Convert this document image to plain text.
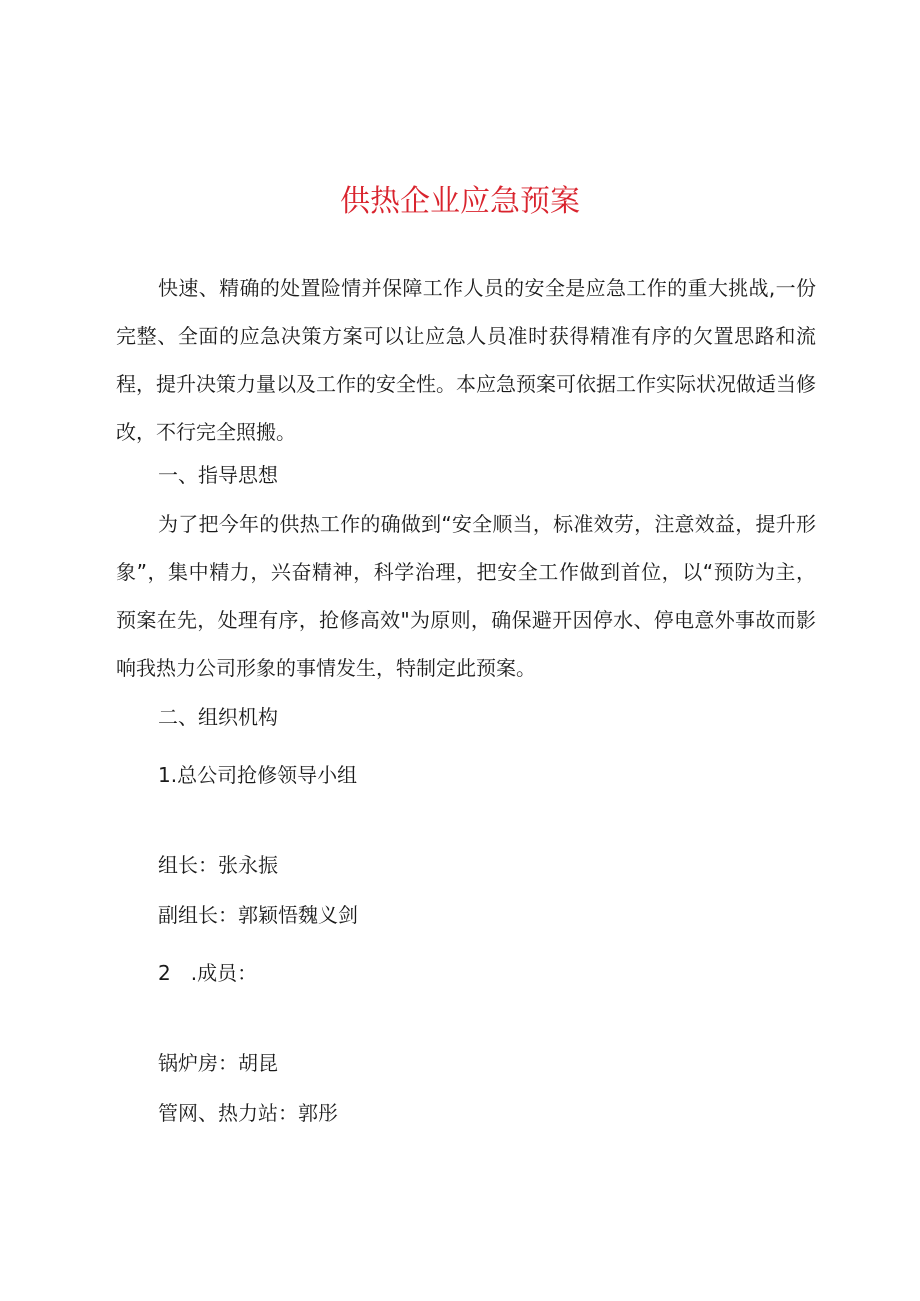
供热企业应急预案

快速、精确的处置险情并保障工作人员的安全是应急工作的重大挑战,一份完整、全面的应急决策方案可以让应急人员准时获得精准有序的欠置思路和流程，提升决策力量以及工作的安全性。本应急预案可依据工作实际状况做适当修改，不行完全照搬。

一、指导思想

为了把今年的供热工作的确做到“安全顺当，标准效劳，注意效益，提升形象”，集中精力，兴奋精神，科学治理，把安全工作做到首位，以“预防为主，预案在先，处理有序，抢修高效"为原则，确保避开因停水、停电意外事故而影响我热力公司形象的事情发生，特制定此预案。

二、组织机构

1.总公司抢修领导小组

组长：张永振

副组长：郭颖悟魏义剑

2　.成员：

锅炉房：胡昆

管网、热力站：郭彤
